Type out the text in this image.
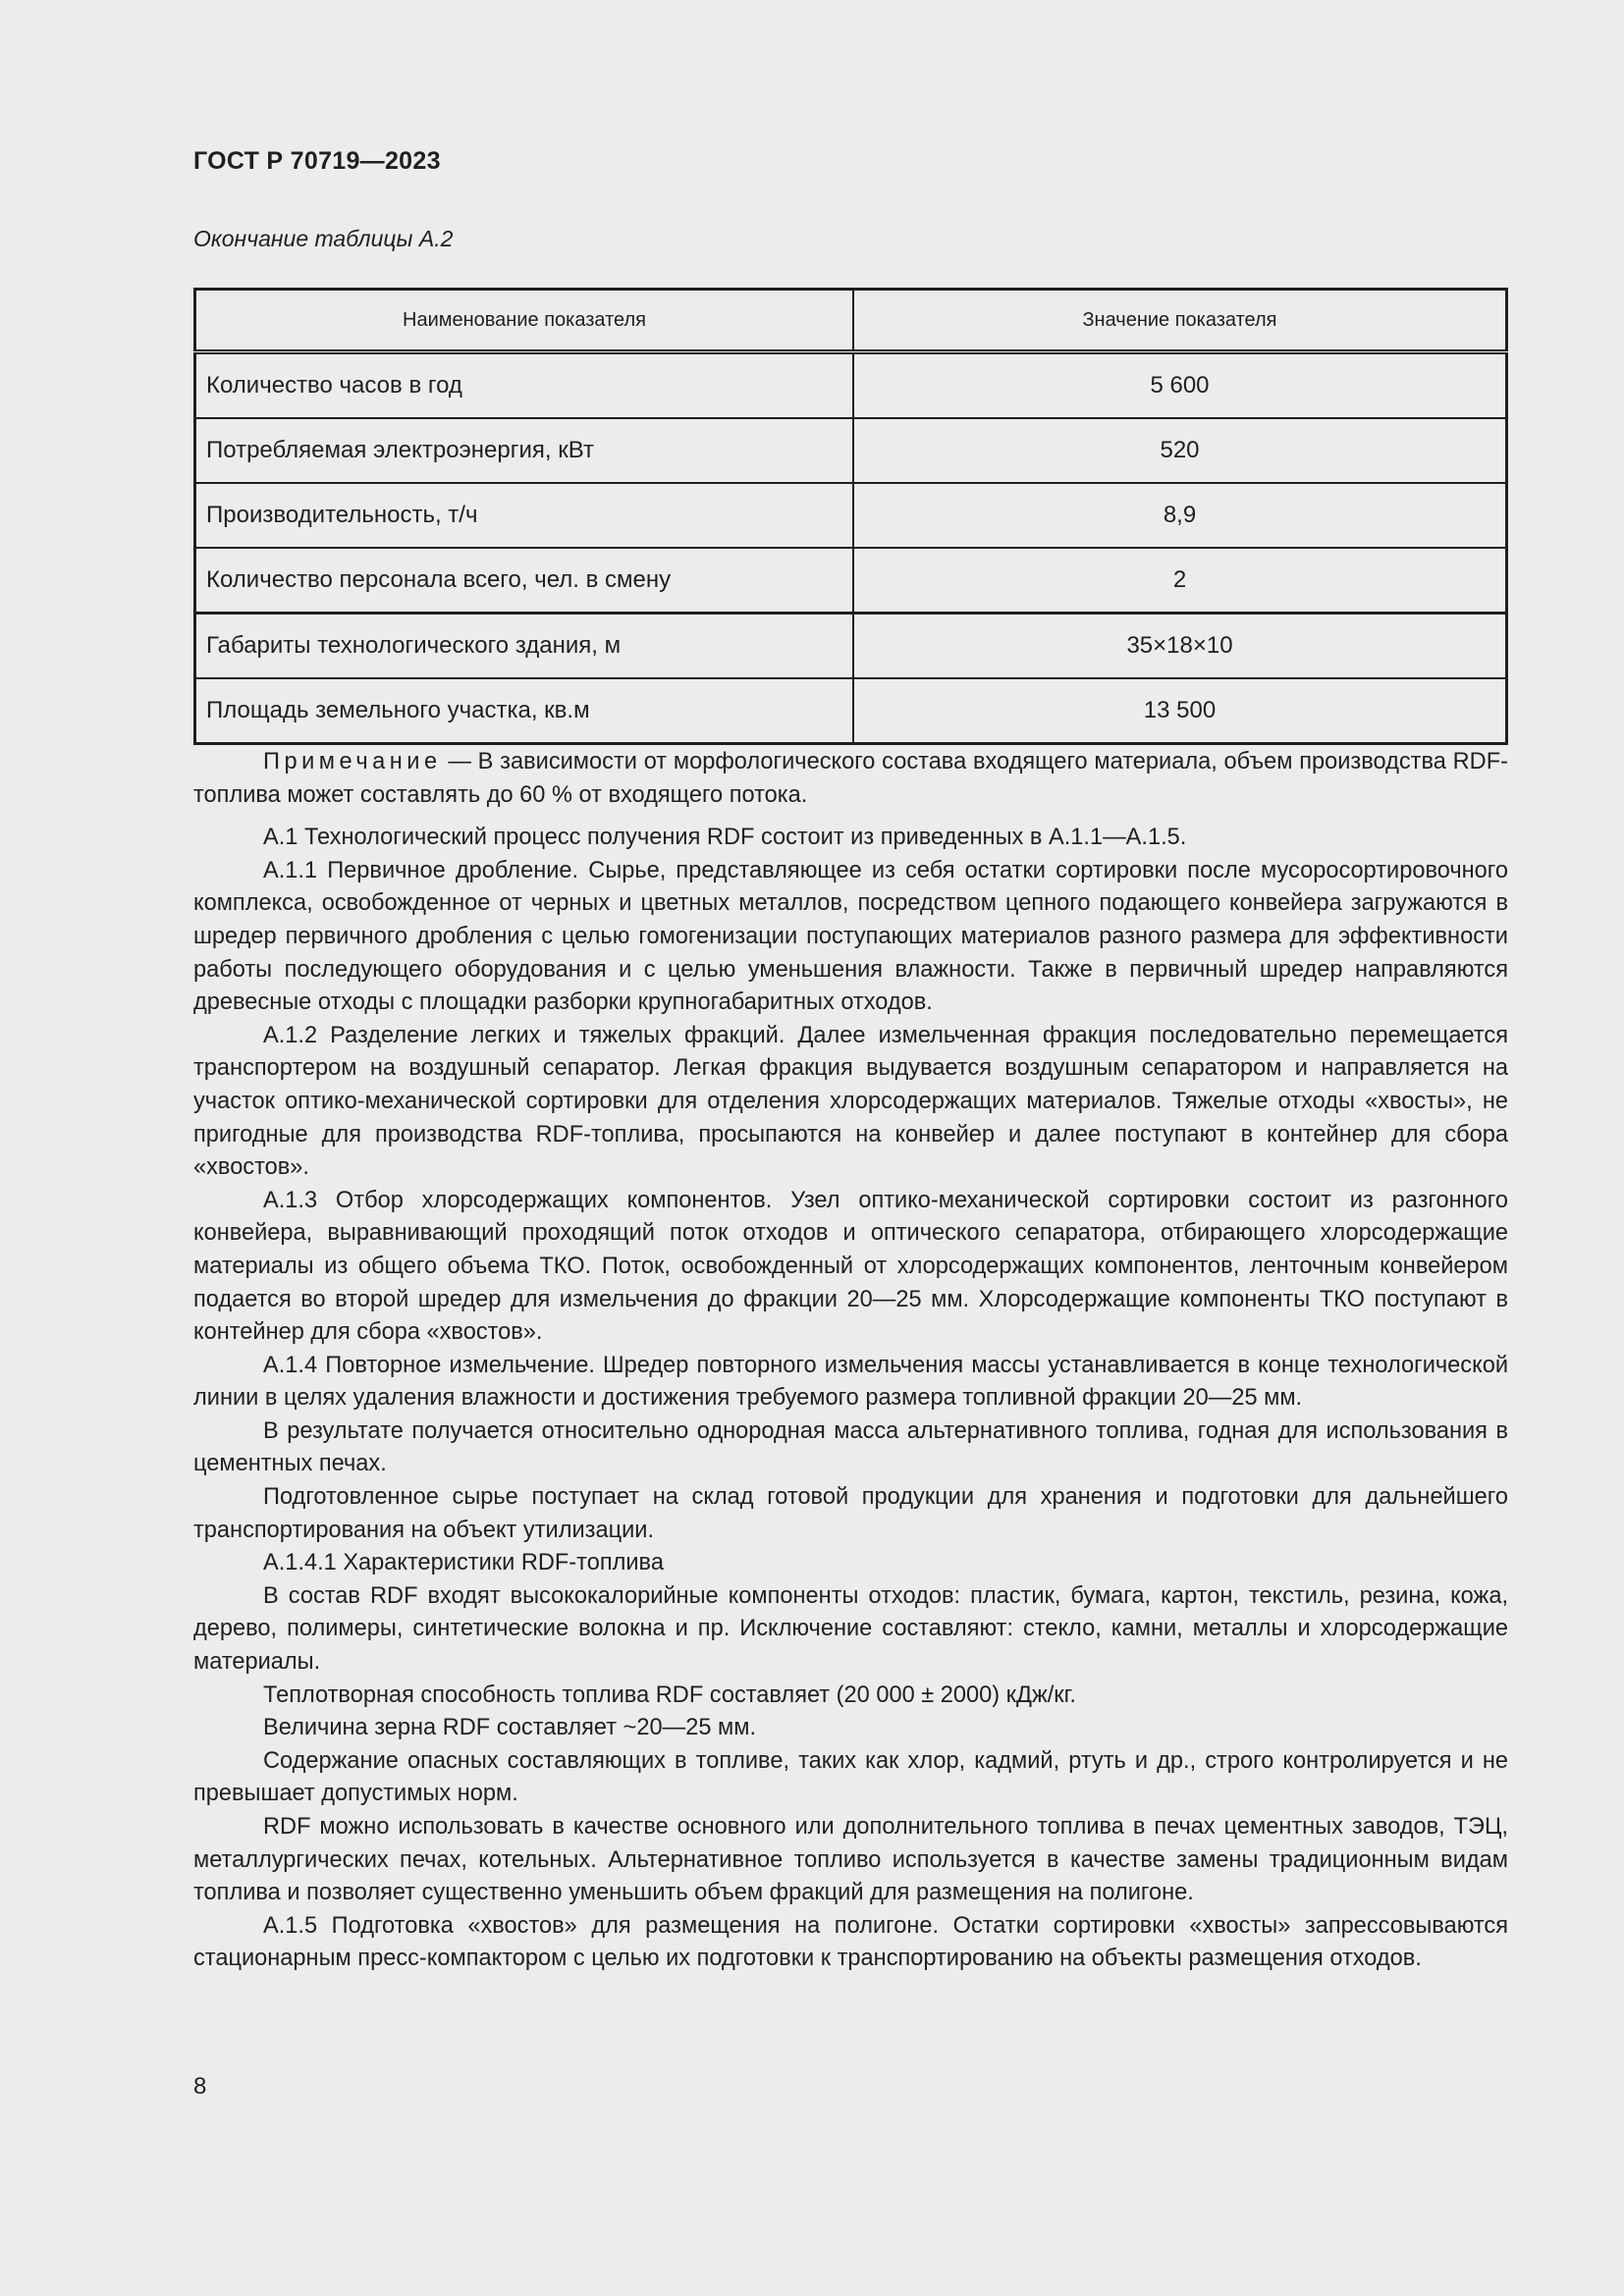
ГОСТ Р 70719—2023
Окончание таблицы А.2
Наименование показателя	Значение показателя
Количество часов в год	5 600
Потребляемая электроэнергия, кВт	520
Производительность, т/ч	8,9
Количество персонала всего, чел. в смену	2
Габариты технологического здания, м	35×18×10
Площадь земельного участка, кв.м	13 500

Примечание — В зависимости от морфологического состава входящего материала, объем производства RDF-топлива может составлять до 60 % от входящего потока.

А.1 Технологический процесс получения RDF состоит из приведенных в А.1.1—А.1.5.

А.1.1 Первичное дробление. Сырье, представляющее из себя остатки сортировки после мусоросортировочного комплекса, освобожденное от черных и цветных металлов, посредством цепного подающего конвейера загружаются в шредер первичного дробления с целью гомогенизации поступающих материалов разного размера для эффективности работы последующего оборудования и с целью уменьшения влажности. Также в первичный шредер направляются древесные отходы с площадки разборки крупногабаритных отходов.

А.1.2 Разделение легких и тяжелых фракций. Далее измельченная фракция последовательно перемещается транспортером на воздушный сепаратор. Легкая фракция выдувается воздушным сепаратором и направляется на участок оптико-механической сортировки для отделения хлорсодержащих материалов. Тяжелые отходы «хвосты», не пригодные для производства RDF-топлива, просыпаются на конвейер и далее поступают в контейнер для сбора «хвостов».

А.1.3 Отбор хлорсодержащих компонентов. Узел оптико-механической сортировки состоит из разгонного конвейера, выравнивающий проходящий поток отходов и оптического сепаратора, отбирающего хлорсодержащие материалы из общего объема ТКО. Поток, освобожденный от хлорсодержащих компонентов, ленточным конвейером подается во второй шредер для измельчения до фракции 20—25 мм. Хлорсодержащие компоненты ТКО поступают в контейнер для сбора «хвостов».

А.1.4 Повторное измельчение. Шредер повторного измельчения массы устанавливается в конце технологической линии в целях удаления влажности и достижения требуемого размера топливной фракции 20—25 мм.

В результате получается относительно однородная масса альтернативного топлива, годная для использования в цементных печах.

Подготовленное сырье поступает на склад готовой продукции для хранения и подготовки для дальнейшего транспортирования на объект утилизации.

А.1.4.1 Характеристики RDF-топлива

В состав RDF входят высококалорийные компоненты отходов: пластик, бумага, картон, текстиль, резина, кожа, дерево, полимеры, синтетические волокна и пр. Исключение составляют: стекло, камни, металлы и хлорсодержащие материалы.

Теплотворная способность топлива RDF составляет (20 000 ± 2000) кДж/кг.

Величина зерна RDF составляет ~20—25 мм.

Содержание опасных составляющих в топливе, таких как хлор, кадмий, ртуть и др., строго контролируется и не превышает допустимых норм.

RDF можно использовать в качестве основного или дополнительного топлива в печах цементных заводов, ТЭЦ, металлургических печах, котельных. Альтернативное топливо используется в качестве замены традиционным видам топлива и позволяет существенно уменьшить объем фракций для размещения на полигоне.

А.1.5 Подготовка «хвостов» для размещения на полигоне. Остатки сортировки «хвосты» запрессовываются стационарным пресс-компактором с целью их подготовки к транспортированию на объекты размещения отходов.

8
